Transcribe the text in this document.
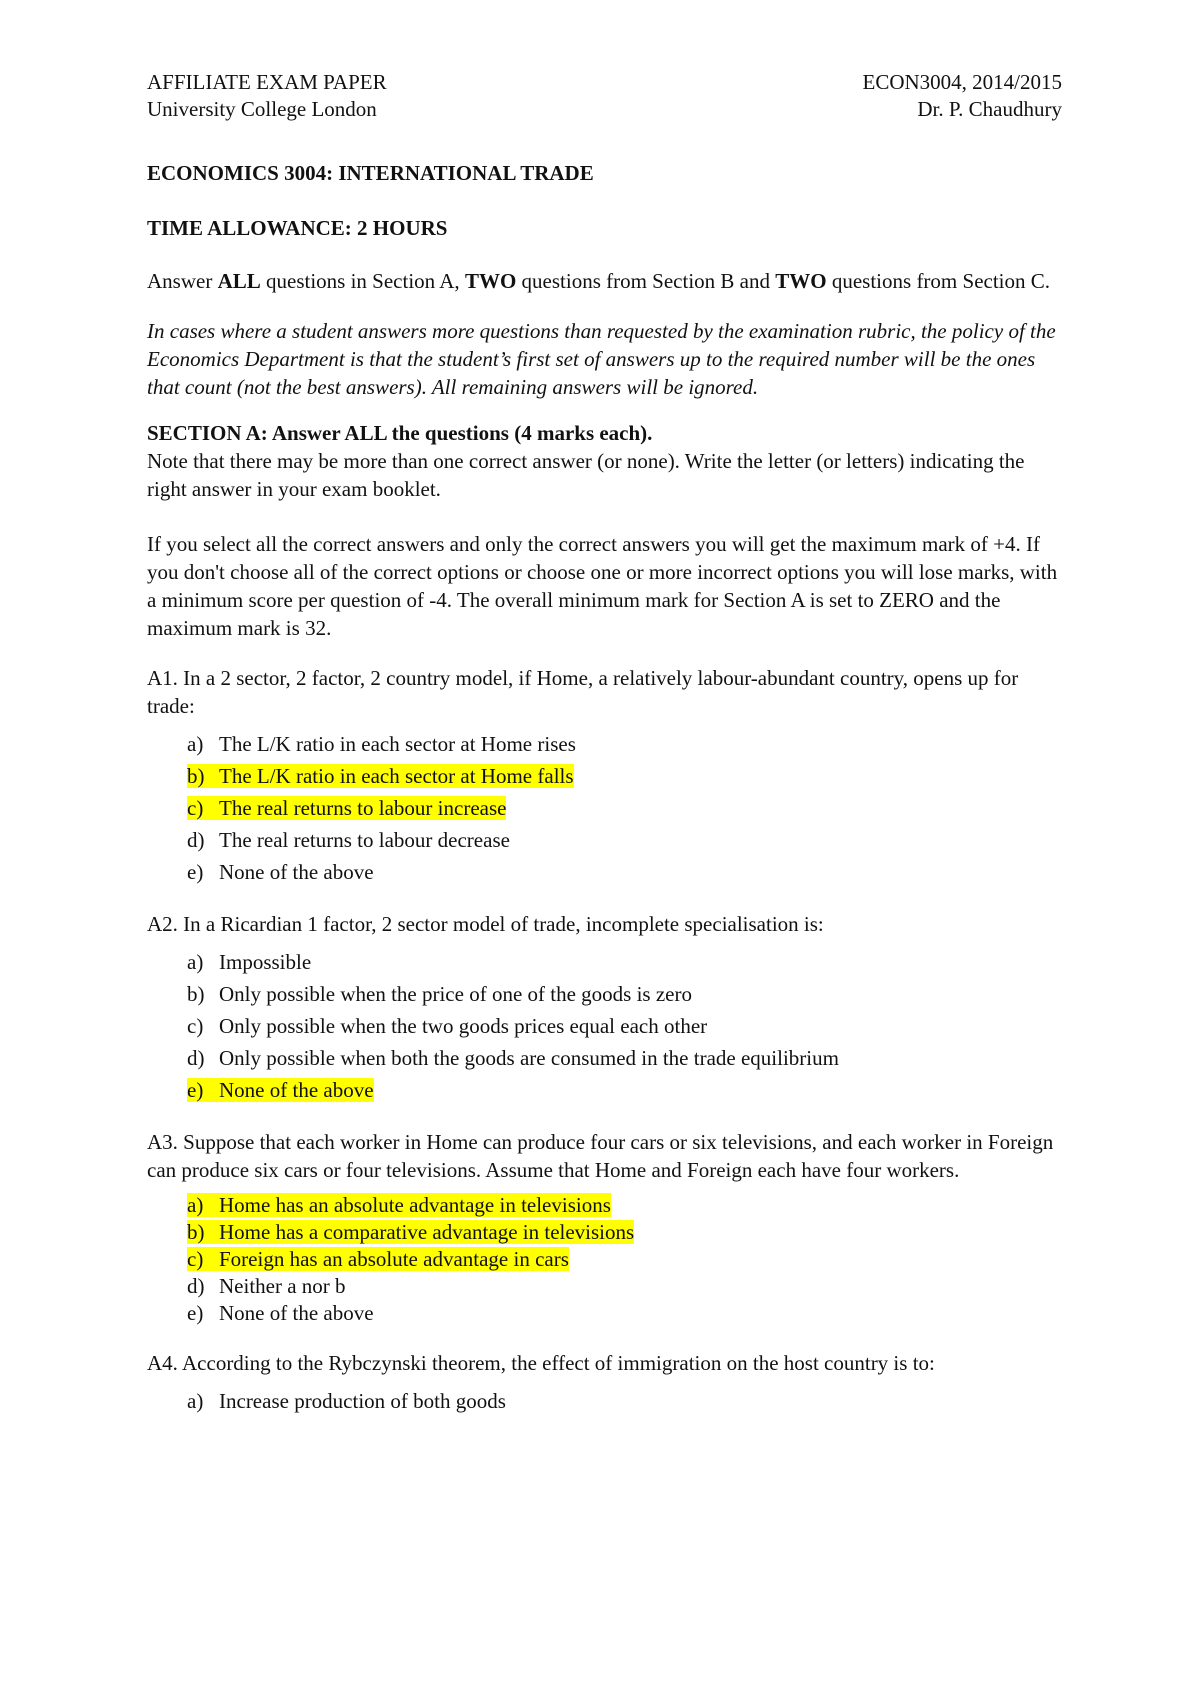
AFFILIATE EXAM PAPER	ECON3004, 2014/2015
University College London	Dr. P. Chaudhury
ECONOMICS 3004: INTERNATIONAL TRADE
TIME ALLOWANCE: 2 HOURS
Answer ALL questions in Section A, TWO questions from Section B and TWO questions from Section C.
In cases where a student answers more questions than requested by the examination rubric, the policy of the Economics Department is that the student’s first set of answers up to the required number will be the ones that count (not the best answers). All remaining answers will be ignored.
SECTION A: Answer ALL the questions (4 marks each).
Note that there may be more than one correct answer (or none). Write the letter (or letters) indicating the right answer in your exam booklet.
If you select all the correct answers and only the correct answers you will get the maximum mark of +4. If you don't choose all of the correct options or choose one or more incorrect options you will lose marks, with a minimum score per question of -4. The overall minimum mark for Section A is set to ZERO and the maximum mark is 32.
A1. In a 2 sector, 2 factor, 2 country model, if Home, a relatively labour-abundant country, opens up for trade:
a) The L/K ratio in each sector at Home rises
b) The L/K ratio in each sector at Home falls
c) The real returns to labour increase
d) The real returns to labour decrease
e) None of the above
A2. In a Ricardian 1 factor, 2 sector model of trade, incomplete specialisation is:
a) Impossible
b) Only possible when the price of one of the goods is zero
c) Only possible when the two goods prices equal each other
d) Only possible when both the goods are consumed in the trade equilibrium
e) None of the above
A3. Suppose that each worker in Home can produce four cars or six televisions, and each worker in Foreign can produce six cars or four televisions. Assume that Home and Foreign each have four workers.
a) Home has an absolute advantage in televisions
b) Home has a comparative advantage in televisions
c) Foreign has an absolute advantage in cars
d) Neither a nor b
e) None of the above
A4. According to the Rybczynski theorem, the effect of immigration on the host country is to:
a) Increase production of both goods
